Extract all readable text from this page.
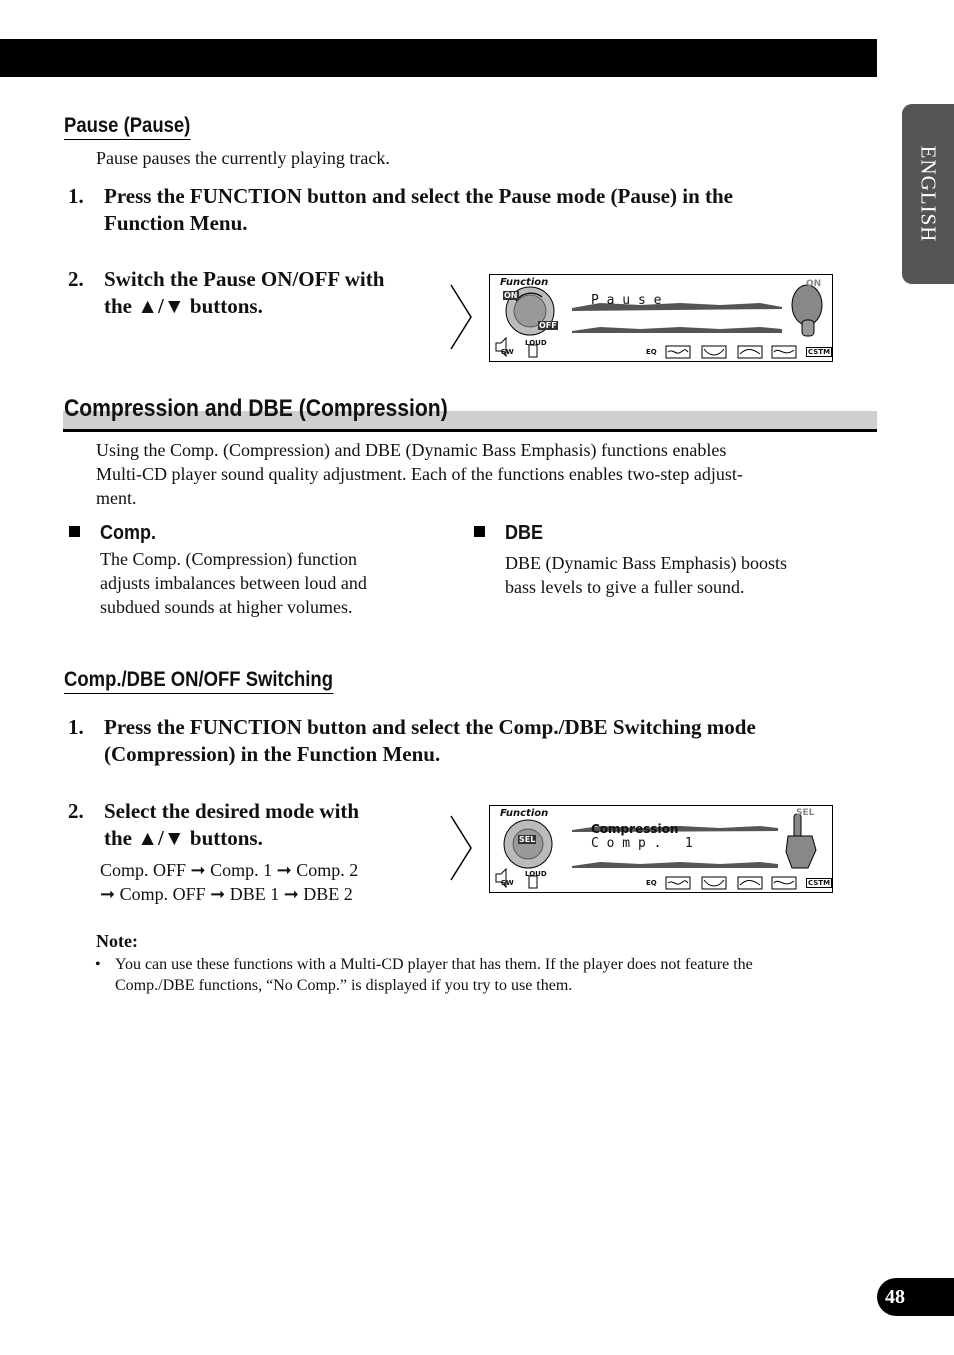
ENGLISH
Pause (Pause)
Pause pauses the currently playing track.
1. Press the FUNCTION button and select the Pause mode (Pause) in the
Function Menu.
2. Switch the Pause ON/OFF with
the ▲/▼ buttons.
Function
ON
OFF
P a u s e
ON
SW
LOUD
EQ	CSTM
Compression and DBE (Compression)
Using the Comp. (Compression) and DBE (Dynamic Bass Emphasis) functions enables
Multi-CD player sound quality adjustment. Each of the functions enables two-step adjust-
ment.
Comp.
The Comp. (Compression) function
adjusts imbalances between loud and
subdued sounds at higher volumes.
DBE
DBE (Dynamic Bass Emphasis) boosts
bass levels to give a fuller sound.
Comp./DBE ON/OFF Switching
1. Press the FUNCTION button and select the Comp./DBE Switching mode
(Compression) in the Function Menu.
2. Select the desired mode with
the ▲/▼ buttons.
Comp. OFF ➞ Comp. 1 ➞ Comp. 2
➞ Comp. OFF ➞ DBE 1 ➞ DBE 2
Function
SEL
Compression
C o m p .   1
SEL
SW
LOUD
EQ	CSTM
Note:
• You can use these functions with a Multi-CD player that has them. If the player does not feature the
Comp./DBE functions, “No Comp.” is displayed if you try to use them.
48
